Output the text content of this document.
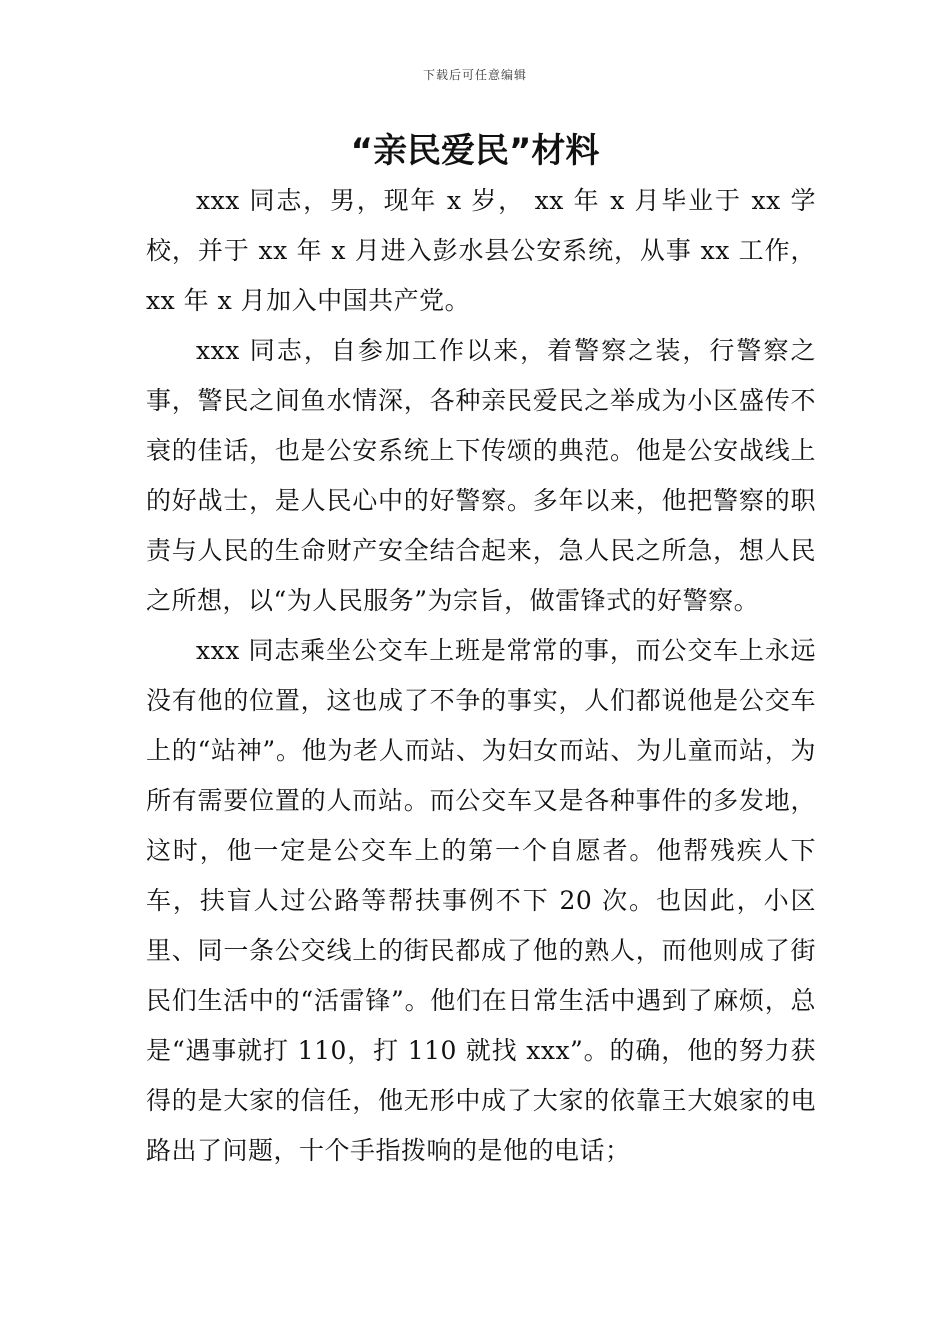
下载后可任意编辑
“亲民爱民”材料

xxx 同志，男，现年 x 岁， xx 年 x 月毕业于 xx 学校，并于 xx 年 x 月进入彭水县公安系统，从事 xx 工作，xx 年 x 月加入中国共产党。

xxx 同志，自参加工作以来，着警察之装，行警察之事，警民之间鱼水情深，各种亲民爱民之举成为小区盛传不衰的佳话，也是公安系统上下传颂的典范。他是公安战线上的好战士，是人民心中的好警察。多年以来，他把警察的职责与人民的生命财产安全结合起来，急人民之所急，想人民之所想，以“为人民服务”为宗旨，做雷锋式的好警察。

xxx 同志乘坐公交车上班是常常的事，而公交车上永远没有他的位置，这也成了不争的事实，人们都说他是公交车上的“站神”。他为老人而站、为妇女而站、为儿童而站，为所有需要位置的人而站。而公交车又是各种事件的多发地，这时，他一定是公交车上的第一个自愿者。他帮残疾人下车，扶盲人过公路等帮扶事例不下 20 次。也因此，小区里、同一条公交线上的街民都成了他的熟人，而他则成了街民们生活中的“活雷锋”。他们在日常生活中遇到了麻烦，总是“遇事就打 110，打 110 就找 xxx”。的确，他的努力获得的是大家的信任，他无形中成了大家的依靠王大娘家的电路出了问题，十个手指拨响的是他的电话；
